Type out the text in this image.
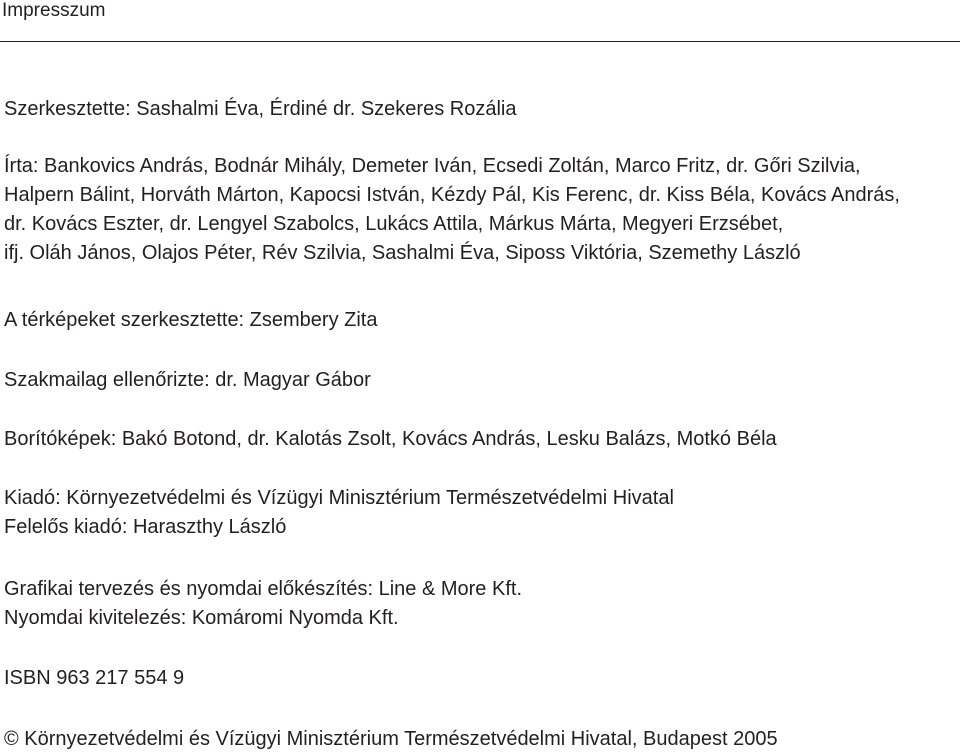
Impresszum
Szerkesztette: Sashalmi Éva, Érdiné dr. Szekeres Rozália
Írta: Bankovics András, Bodnár Mihály, Demeter Iván, Ecsedi Zoltán, Marco Fritz, dr. Gőri Szilvia,
Halpern Bálint, Horváth Márton, Kapocsi István, Kézdy Pál, Kis Ferenc, dr. Kiss Béla, Kovács András,
dr. Kovács Eszter, dr. Lengyel Szabolcs, Lukács Attila, Márkus Márta, Megyeri Erzsébet,
ifj. Oláh János, Olajos Péter, Rév Szilvia, Sashalmi Éva, Siposs Viktória, Szemethy László
A térképeket szerkesztette: Zsembery Zita
Szakmailag ellenőrizte: dr. Magyar Gábor
Borítóképek: Bakó Botond, dr. Kalotás Zsolt, Kovács András, Lesku Balázs, Motkó Béla
Kiadó: Környezetvédelmi és Vízügyi Minisztérium Természetvédelmi Hivatal
Felelős kiadó: Haraszthy László
Grafikai tervezés és nyomdai előkészítés: Line & More Kft.
Nyomdai kivitelezés: Komáromi Nyomda Kft.
ISBN 963 217 554 9
© Környezetvédelmi és Vízügyi Minisztérium Természetvédelmi Hivatal, Budapest 2005
